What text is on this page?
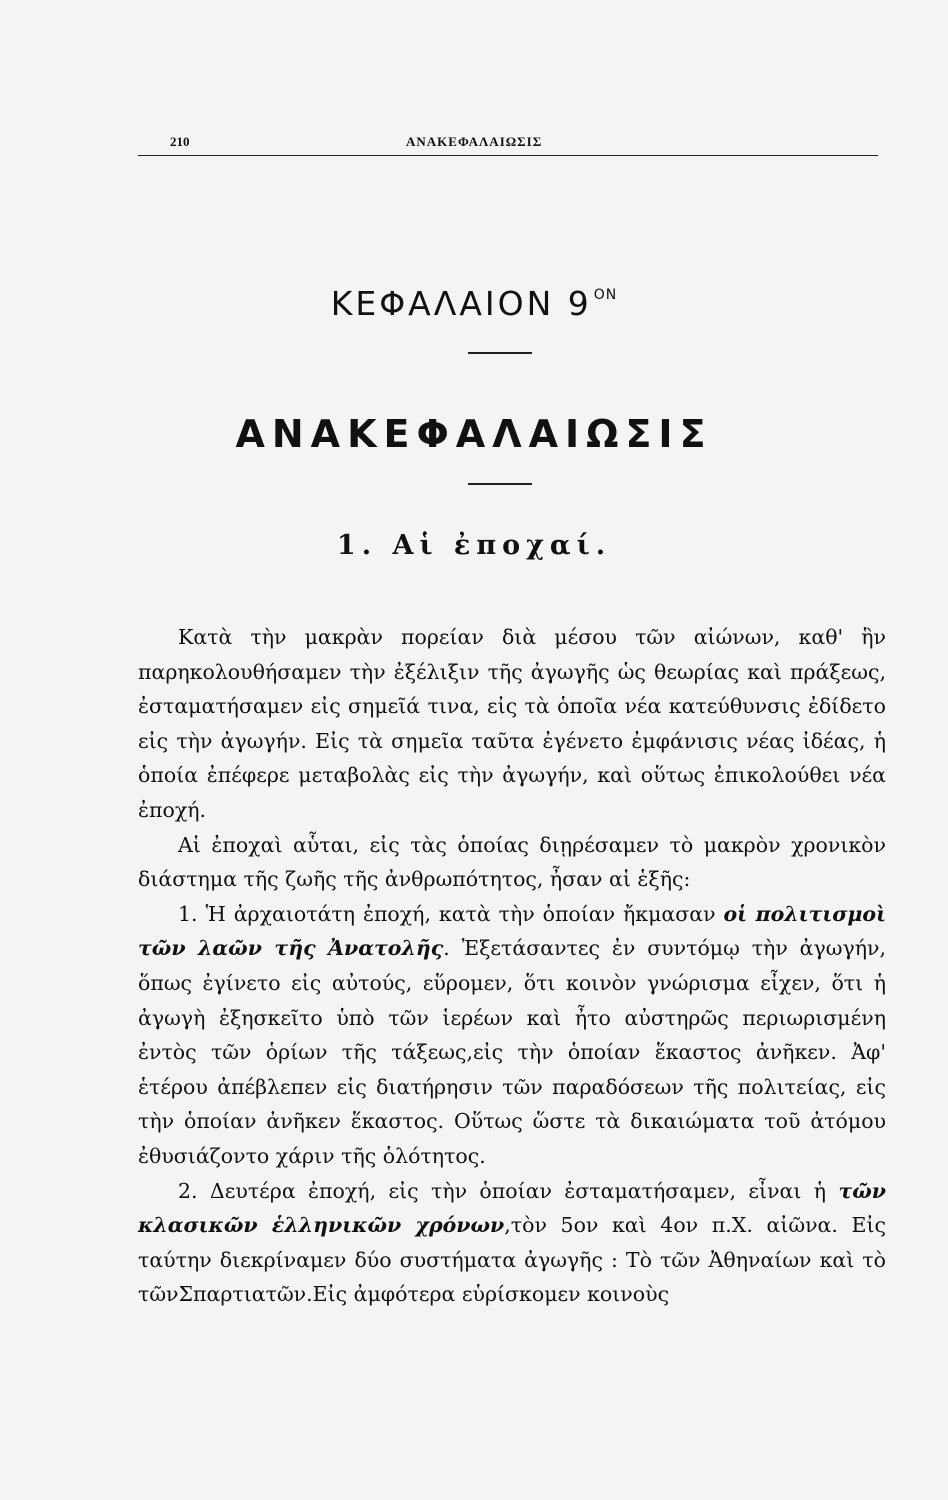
210	ΑΝΑΚΕΦΑΛΑΙΩΣΙΣ
ΚΕΦΑΛΑΙΟΝ 9 $^{ON}$
ΑΝΑΚΕΦΑΛΑΙΩΣΙΣ
1. Αἱ ἐποχαί.

Κατὰ τὴν μακρὰν πορείαν διὰ μέσου τῶν αἰώνων, καθ' ἣν παρηκολουθήσαμεν τὴν ἐξέλιξιν τῆς ἀγωγῆς ὡς θεωρίας καὶ πράξεως, ἐσταματήσαμεν εἰς σημεῖά τινα, εἰς τὰ ὁποῖα νέα κατεύθυνσις ἐδίδετο εἰς τὴν ἀγωγήν. Εἰς τὰ σημεῖα ταῦτα ἐγένετο ἐμφάνισις νέας ἰδέας, ἡ ὁποία ἐπέφερε μεταβολὰς εἰς τὴν ἀγωγήν, καὶ οὕτως ἐπικολούθει νέα ἐποχή.

Αἱ ἐποχαὶ αὗται, εἰς τὰς ὁποίας διῃρέσαμεν τὸ μακρὸν χρονικὸν διάστημα τῆς ζωῆς τῆς ἀνθρωπότητος, ἦσαν αἱ ἑξῆς:

1. Ἡ ἀρχαιοτάτη ἐποχή, κατὰ τὴν ὁποίαν ἤκμασαν οἱ πολιτισμοὶ τῶν λαῶν τῆς Ἀνατολῆς. Ἐξετάσαντες ἐν συντόμῳ τὴν ἀγωγήν, ὅπως ἐγίνετο εἰς αὐτούς, εὕρομεν, ὅτι κοινὸν γνώρισμα εἶχεν, ὅτι ἡ ἀγωγὴ ἐξησκεῖτο ὑπὸ τῶν ἱερέων καὶ ἦτο αὐστηρῶς περιωρισμένη ἐντὸς τῶν ὁρίων τῆς τάξεως,εἰς τὴν ὁποίαν ἕκαστος ἀνῆκεν. Ἀφ' ἑτέρου ἀπέβλεπεν εἰς διατήρησιν τῶν παραδόσεων τῆς πολιτείας, εἰς τὴν ὁποίαν ἀνῆκεν ἕκαστος. Οὕτως ὥστε τὰ δικαιώματα τοῦ ἀτόμου ἐθυσιάζοντο χάριν τῆς ὁλότητος.

2. Δευτέρα ἐποχή, εἰς τὴν ὁποίαν ἐσταματήσαμεν, εἶναι ἡ τῶν κλασικῶν ἑλληνικῶν χρόνων,τὸν 5ον καὶ 4ον π.Χ. αἰῶνα. Εἰς ταύτην διεκρίναμεν δύο συστήματα ἀγωγῆς : Τὸ τῶν Ἀθηναίων καὶ τὸ τῶνΣπαρτιατῶν.Εἰς ἀμφότερα εὑρίσκομεν κοινοὺς
